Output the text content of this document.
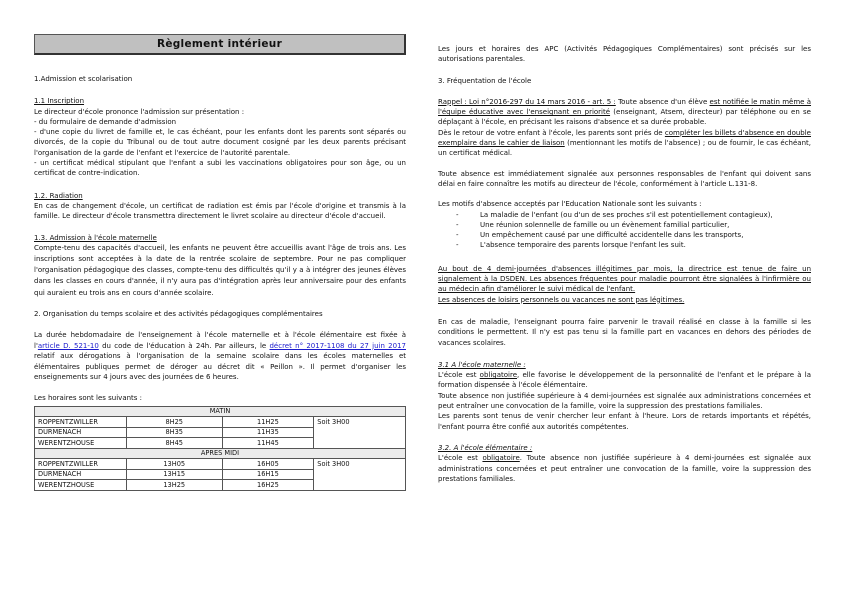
Règlement intérieur

1.Admission et scolarisation

1.1 Inscription

Le directeur d'école prononce l'admission sur présentation :

- du formulaire de demande d'admission

- d'une copie du livret de famille et, le cas échéant, pour les enfants dont les parents sont séparés ou divorcés, de la copie du Tribunal ou de tout autre document cosigné par les deux parents précisant l'organisation de la garde de l'enfant et l'exercice de l'autorité parentale.

- un certificat médical stipulant que l'enfant a subi les vaccinations obligatoires pour son âge, ou un certificat de contre-indication.

1.2. Radiation

En cas de changement d'école, un certificat de radiation est émis par l'école d'origine et transmis à la famille. Le directeur d'école transmettra directement le livret scolaire au directeur d'école d'accueil.

1.3. Admission à l'école maternelle

Compte-tenu des capacités d'accueil, les enfants ne peuvent être accueillis avant l'âge de trois ans. Les inscriptions sont acceptées à la date de la rentrée scolaire de septembre. Pour ne pas compliquer l'organisation pédagogique des classes, compte-tenu des difficultés qu'il y a à intégrer des jeunes élèves dans les classes en cours d'année, il n'y aura pas d'intégration après leur anniversaire pour des enfants qui auraient eu trois ans en cours d'année scolaire.

2. Organisation du temps scolaire et des activités pédagogiques complémentaires

La durée hebdomadaire de l'enseignement à l'école maternelle et à l'école élémentaire est fixée à l'article D. 521-10 du code de l'éducation à 24h. Par ailleurs, le décret n° 2017-1108 du 27 juin 2017 relatif aux dérogations à l'organisation de la semaine scolaire dans les écoles maternelles et élémentaires publiques permet de déroger au décret dit « Peillon ». Il permet d'organiser les enseignements sur 4 jours avec des journées de 6 heures.

Les horaires sont les suivants :

MATIN			
ROPPENTZWILLER	8H25	11H25	Soit 3H00
DURMENACH	8H35	11H35	
WERENTZHOUSE	8H45	11H45	
APRES MIDI			
ROPPENTZWILLER	13H05	16H05	Soit 3H00
DURMENACH	13H15	16H15	
WERENTZHOUSE	13H25	16H25	

Les jours et horaires des APC (Activités Pédagogiques Complémentaires) sont précisés sur les autorisations parentales.

3. Fréquentation de l'école

Rappel : Loi n°2016-297 du 14 mars 2016 - art. 5 : Toute absence d'un élève est notifiée le matin même à l'équipe éducative avec l'enseignant en priorité (enseignant, Atsem, directeur) par téléphone ou en se déplaçant à l'école, en précisant les raisons d'absence et sa durée probable.

Dès le retour de votre enfant à l'école, les parents sont priés de compléter les billets d'absence en double exemplaire dans le cahier de liaison (mentionnant les motifs de l'absence) ; ou de fournir, le cas échéant, un certificat médical.

Toute absence est immédiatement signalée aux personnes responsables de l'enfant qui doivent sans délai en faire connaître les motifs au directeur de l'école, conformément à l'article L.131-8.

Les motifs d'absence acceptés par l'Education Nationale sont les suivants :

- La maladie de l'enfant (ou d'un de ses proches s'il est potentiellement contagieux),
- Une réunion solennelle de famille ou un évènement familial particulier,
- Un empêchement causé par une difficulté accidentelle dans les transports,
- L'absence temporaire des parents lorsque l'enfant les suit.

Au bout de 4 demi-journées d'absences illégitimes par mois, la directrice est tenue de faire un signalement à la DSDEN. Les absences fréquentes pour maladie pourront être signalées à l'infirmière ou au médecin afin d'améliorer le suivi médical de l'enfant.

Les absences de loisirs personnels ou vacances ne sont pas légitimes.

En cas de maladie, l'enseignant pourra faire parvenir le travail réalisé en classe à la famille si les conditions le permettent. Il n'y est pas tenu si la famille part en vacances en dehors des périodes de vacances scolaires.

3.1 A l'école maternelle :

L'école est obligatoire, elle favorise le développement de la personnalité de l'enfant et le prépare à la formation dispensée à l'école élémentaire.

Toute absence non justifiée supérieure à 4 demi-journées est signalée aux administrations concernées et peut entraîner une convocation de la famille, voire la suppression des prestations familiales.

Les parents sont tenus de venir chercher leur enfant à l'heure. Lors de retards importants et répétés, l'enfant pourra être confié aux autorités compétentes.

3.2. A l'école élémentaire :

L'école est obligatoire. Toute absence non justifiée supérieure à 4 demi-journées est signalée aux administrations concernées et peut entraîner une convocation de la famille, voire la suppression des prestations familiales.
